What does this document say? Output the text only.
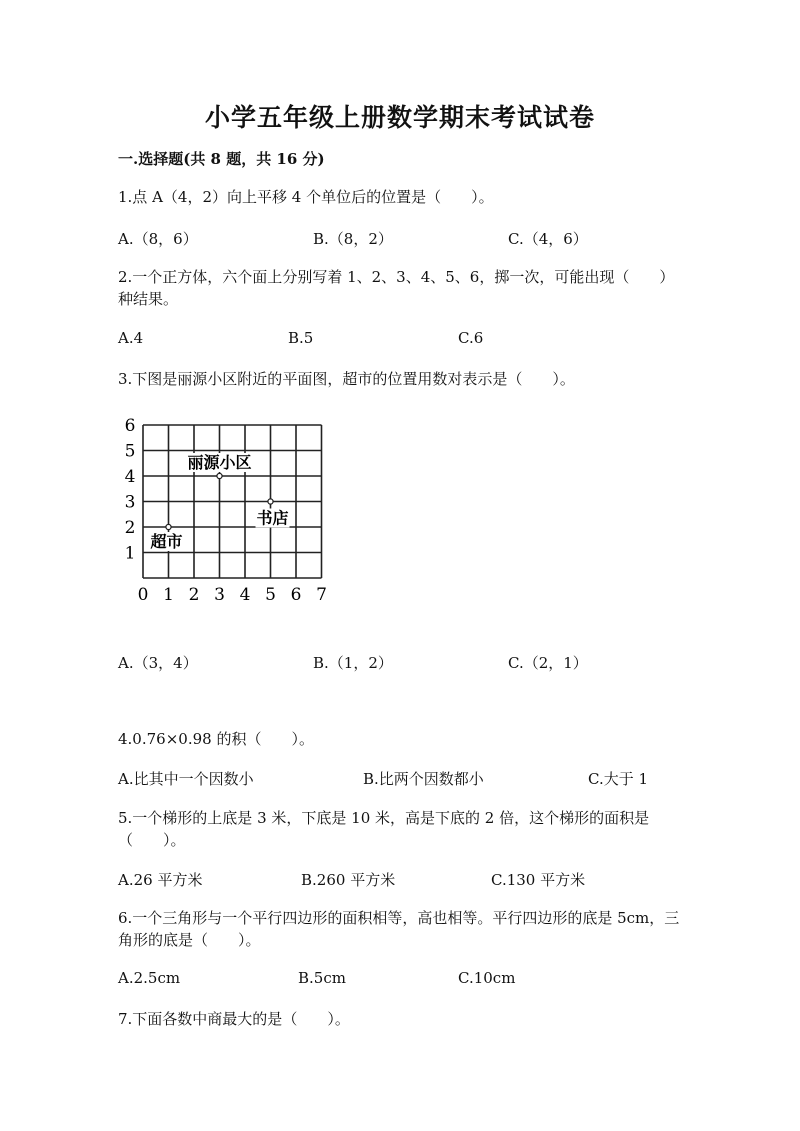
小学五年级上册数学期末考试试卷
一.选择题(共 8 题，共 16 分)
1.点 A（4，2）向上平移 4 个单位后的位置是（　　）。
A.（8，6）	B.（8，2）	C.（4，6）
2.一个正方体，六个面上分别写着 1、2、3、4、5、6，掷一次，可能出现（　　）种结果。
A.4	B.5	C.6
3.下图是丽源小区附近的平面图，超市的位置用数对表示是（　　）。
0 1 2 3 4 5 6 7
1
2
3
4
5
6
丽源小区
书店
超市
A.（3，4）	B.（1，2）	C.（2，1）
4.0.76×0.98 的积（　　）。
A.比其中一个因数小	B.比两个因数都小	C.大于 1
5.一个梯形的上底是 3 米，下底是 10 米，高是下底的 2 倍，这个梯形的面积是（　　）。
A.26 平方米	B.260 平方米	C.130 平方米
6.一个三角形与一个平行四边形的面积相等，高也相等。平行四边形的底是 5cm，三角形的底是（　　）。
A.2.5cm	B.5cm	C.10cm
7.下面各数中商最大的是（　　）。
